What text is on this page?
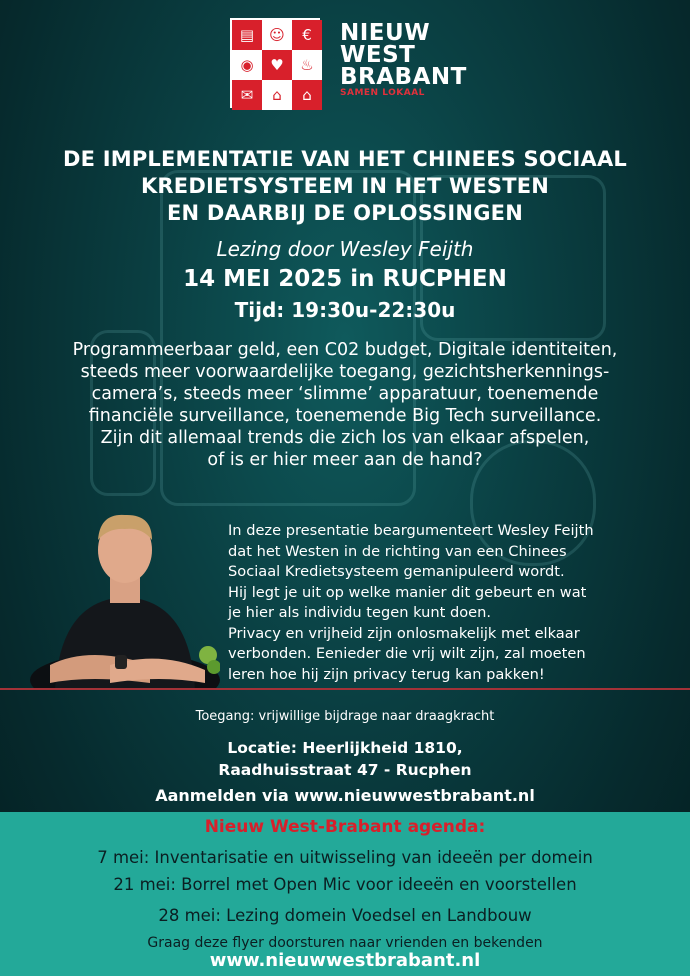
▤	☺	€
◉	♥	♨
✉	⌂	⌂
NIEUW
WEST
BRABANT
SAMEN LOKAAL
DE IMPLEMENTATIE VAN HET CHINEES SOCIAAL
KREDIETSYSTEEM IN HET WESTEN
EN DAARBIJ DE OPLOSSINGEN
Lezing door Wesley Feijth
14 MEI 2025 in RUCPHEN
Tijd: 19:30u-22:30u
Programmeerbaar geld, een C02 budget, Digitale identiteiten,
steeds meer voorwaardelijke toegang, gezichtsherkennings-
camera’s, steeds meer ‘slimme’ apparatuur, toenemende
financiële surveillance, toenemende Big Tech surveillance.
Zijn dit allemaal trends die zich los van elkaar afspelen,
of is er hier meer aan de hand?
In deze presentatie beargumenteert Wesley Feijth
dat het Westen in de richting van een Chinees
Sociaal Kredietsysteem gemanipuleerd wordt.
Hij legt je uit op welke manier dit gebeurt en wat
je hier als individu tegen kunt doen.
Privacy en vrijheid zijn onlosmakelijk met elkaar
verbonden. Eenieder die vrij wilt zijn, zal moeten
leren hoe hij zijn privacy terug kan pakken!
Toegang: vrijwillige bijdrage naar draagkracht
Locatie: Heerlijkheid 1810,
Raadhuisstraat 47 - Rucphen
Aanmelden via www.nieuwwestbrabant.nl
Nieuw West-Brabant agenda:
7 mei: Inventarisatie en uitwisseling van ideeën per domein
21 mei: Borrel met Open Mic voor ideeën en voorstellen
28 mei: Lezing domein Voedsel en Landbouw
Graag deze flyer doorsturen naar vrienden en bekenden
www.nieuwwestbrabant.nl
